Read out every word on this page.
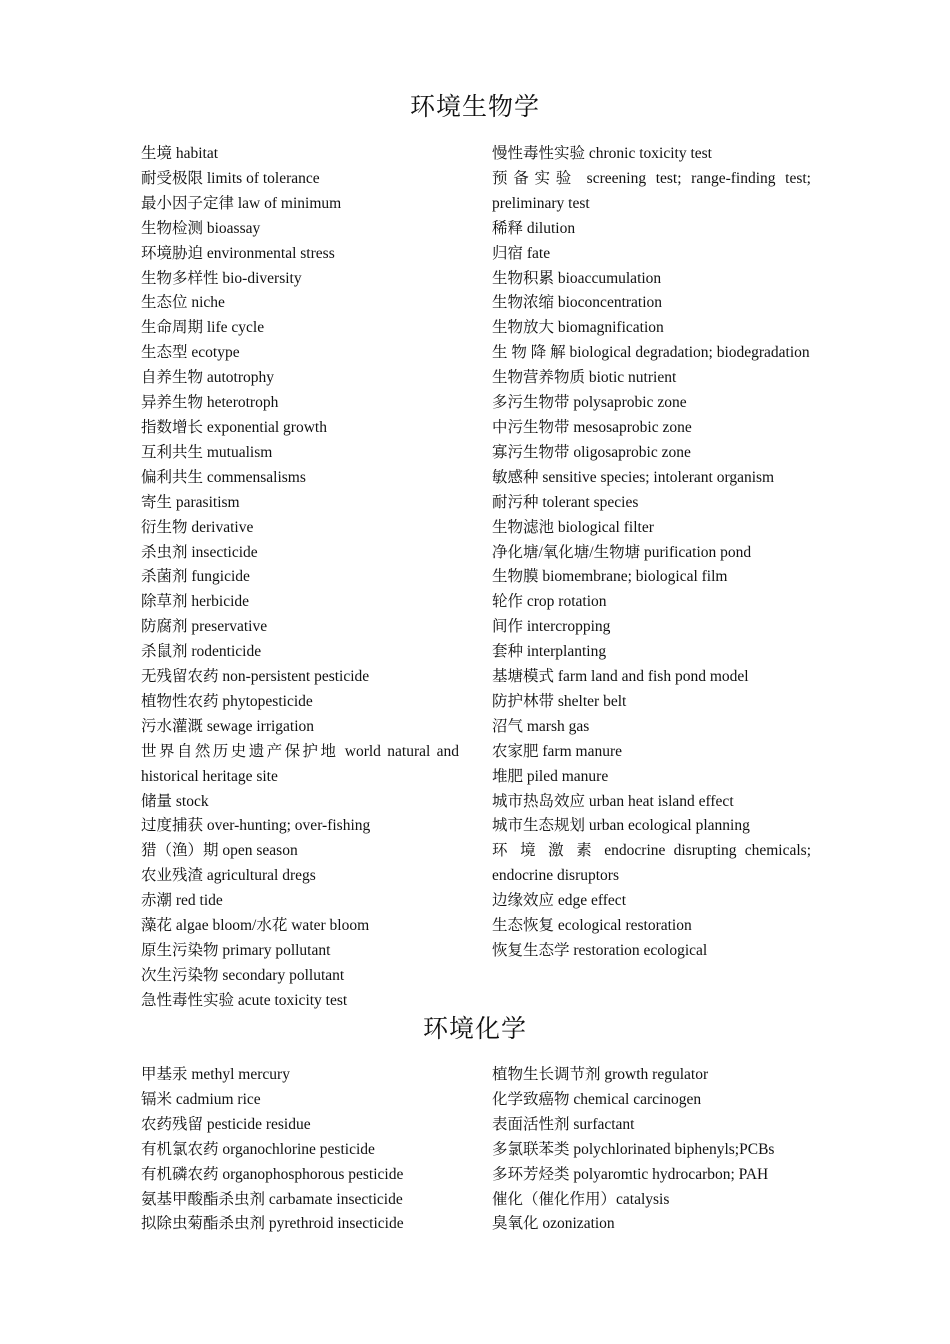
环境生物学

生境 habitat

耐受极限 limits of tolerance

最小因子定律 law of minimum

生物检测 bioassay

环境胁迫 environmental stress

生物多样性 bio-diversity

生态位 niche

生命周期 life cycle

生态型 ecotype

自养生物 autotrophy

异养生物 heterotroph

指数增长 exponential growth

互利共生 mutualism

偏利共生 commensalisms

寄生 parasitism

衍生物 derivative

杀虫剂 insecticide

杀菌剂 fungicide

除草剂 herbicide

防腐剂 preservative

杀鼠剂 rodenticide

无残留农药 non-persistent pesticide

植物性农药 phytopesticide

污水灌溉 sewage irrigation

世界自然历史遗产保护地 world natural and historical heritage site

储量 stock

过度捕获 over-hunting; over-fishing

猎（渔）期 open season

农业残渣 agricultural dregs

赤潮 red tide

藻花 algae bloom/水花 water bloom

原生污染物 primary pollutant

次生污染物 secondary pollutant

急性毒性实验 acute toxicity test

慢性毒性实验 chronic toxicity test

预备实验 screening test; range-finding test; preliminary test

稀释 dilution

归宿 fate

生物积累 bioaccumulation

生物浓缩 bioconcentration

生物放大 biomagnification

生 物 降 解 biological degradation; biodegradation

生物营养物质 biotic nutrient

多污生物带 polysaprobic zone

中污生物带 mesosaprobic zone

寡污生物带 oligosaprobic zone

敏感种 sensitive species; intolerant organism

耐污种 tolerant species

生物滤池 biological filter

净化塘/氧化塘/生物塘 purification pond

生物膜 biomembrane; biological film

轮作 crop rotation

间作 intercropping

套种 interplanting

基塘模式 farm land and fish pond model

防护林带 shelter belt

沼气 marsh gas

农家肥 farm manure

堆肥 piled manure

城市热岛效应 urban heat island effect

城市生态规划 urban ecological planning

环 境 激 素 endocrine disrupting chemicals; endocrine disruptors

边缘效应 edge effect

生态恢复 ecological restoration

恢复生态学 restoration ecological

环境化学

甲基汞 methyl mercury

镉米 cadmium rice

农药残留 pesticide residue

有机氯农药 organochlorine pesticide

有机磷农药 organophosphorous pesticide

氨基甲酸酯杀虫剂 carbamate insecticide

拟除虫菊酯杀虫剂 pyrethroid insecticide

植物生长调节剂 growth regulator

化学致癌物 chemical carcinogen

表面活性剂 surfactant

多氯联苯类 polychlorinated biphenyls;PCBs

多环芳烃类 polyaromtic hydrocarbon; PAH

催化（催化作用）catalysis

臭氧化 ozonization
